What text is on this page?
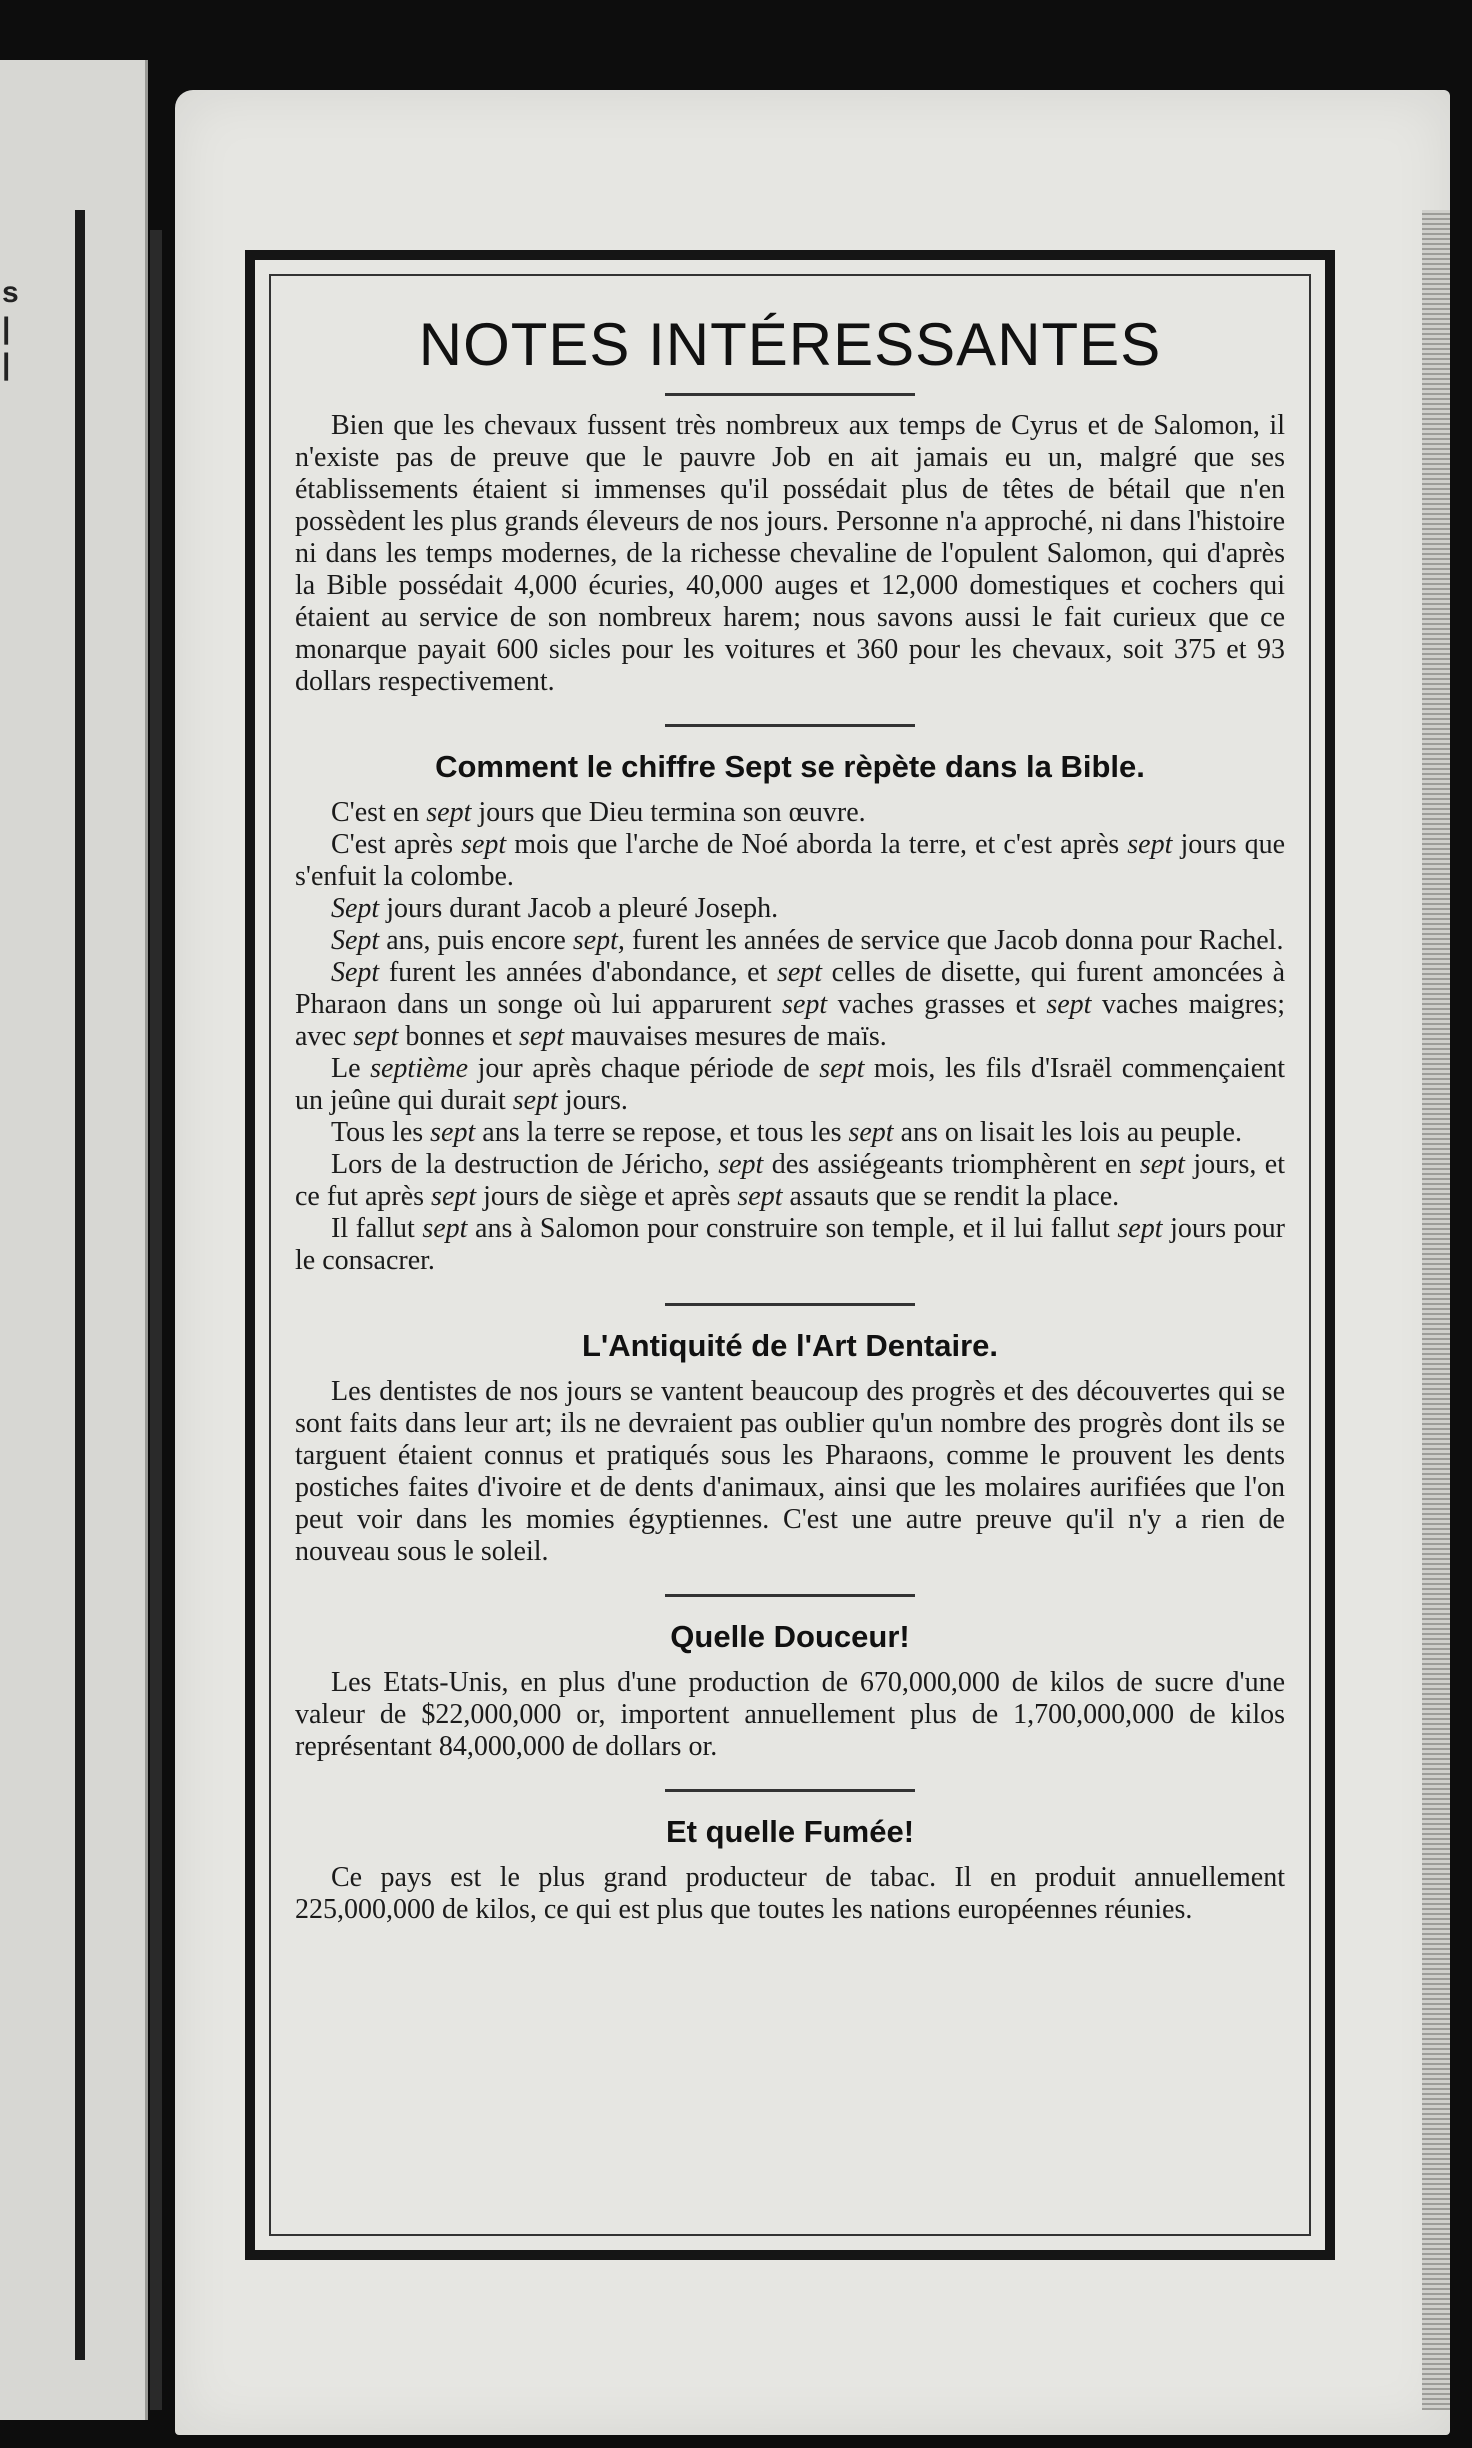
s
|
|	NOTES INTÉRESSANTES

Bien que les chevaux fussent très nombreux aux temps de Cyrus et de Salomon, il n'existe pas de preuve que le pauvre Job en ait jamais eu un, malgré que ses établissements étaient si immenses qu'il possédait plus de têtes de bétail que n'en possèdent les plus grands éleveurs de nos jours. Personne n'a approché, ni dans l'histoire ni dans les temps modernes, de la richesse chevaline de l'opulent Salomon, qui d'après la Bible possédait 4,000 écuries, 40,000 auges et 12,000 domestiques et cochers qui étaient au service de son nombreux harem; nous savons aussi le fait curieux que ce monarque payait 600 sicles pour les voitures et 360 pour les chevaux, soit 375 et 93 dollars respectivement.

Comment le chiffre Sept se rèpète dans la Bible.

C'est en sept jours que Dieu termina son œuvre.

C'est après sept mois que l'arche de Noé aborda la terre, et c'est après sept jours que s'enfuit la colombe.

Sept jours durant Jacob a pleuré Joseph.

Sept ans, puis encore sept, furent les années de service que Jacob donna pour Rachel.

Sept furent les années d'abondance, et sept celles de disette, qui furent amoncées à Pharaon dans un songe où lui apparurent sept vaches grasses et sept vaches maigres; avec sept bonnes et sept mauvaises mesures de maïs.

Le septième jour après chaque période de sept mois, les fils d'Israël commençaient un jeûne qui durait sept jours.

Tous les sept ans la terre se repose, et tous les sept ans on lisait les lois au peuple.

Lors de la destruction de Jéricho, sept des assiégeants triomphèrent en sept jours, et ce fut après sept jours de siège et après sept assauts que se rendit la place.

Il fallut sept ans à Salomon pour construire son temple, et il lui fallut sept jours pour le consacrer.

L'Antiquité de l'Art Dentaire.

Les dentistes de nos jours se vantent beaucoup des progrès et des découvertes qui se sont faits dans leur art; ils ne devraient pas oublier qu'un nombre des progrès dont ils se targuent étaient connus et pratiqués sous les Pharaons, comme le prouvent les dents postiches faites d'ivoire et de dents d'animaux, ainsi que les molaires aurifiées que l'on peut voir dans les momies égyptiennes. C'est une autre preuve qu'il n'y a rien de nouveau sous le soleil.

Quelle Douceur!

Les Etats-Unis, en plus d'une production de 670,000,000 de kilos de sucre d'une valeur de $22,000,000 or, importent annuellement plus de 1,700,000,000 de kilos représentant 84,000,000 de dollars or.

Et quelle Fumée!

Ce pays est le plus grand producteur de tabac. Il en produit annuellement 225,000,000 de kilos, ce qui est plus que toutes les nations européennes réunies.
